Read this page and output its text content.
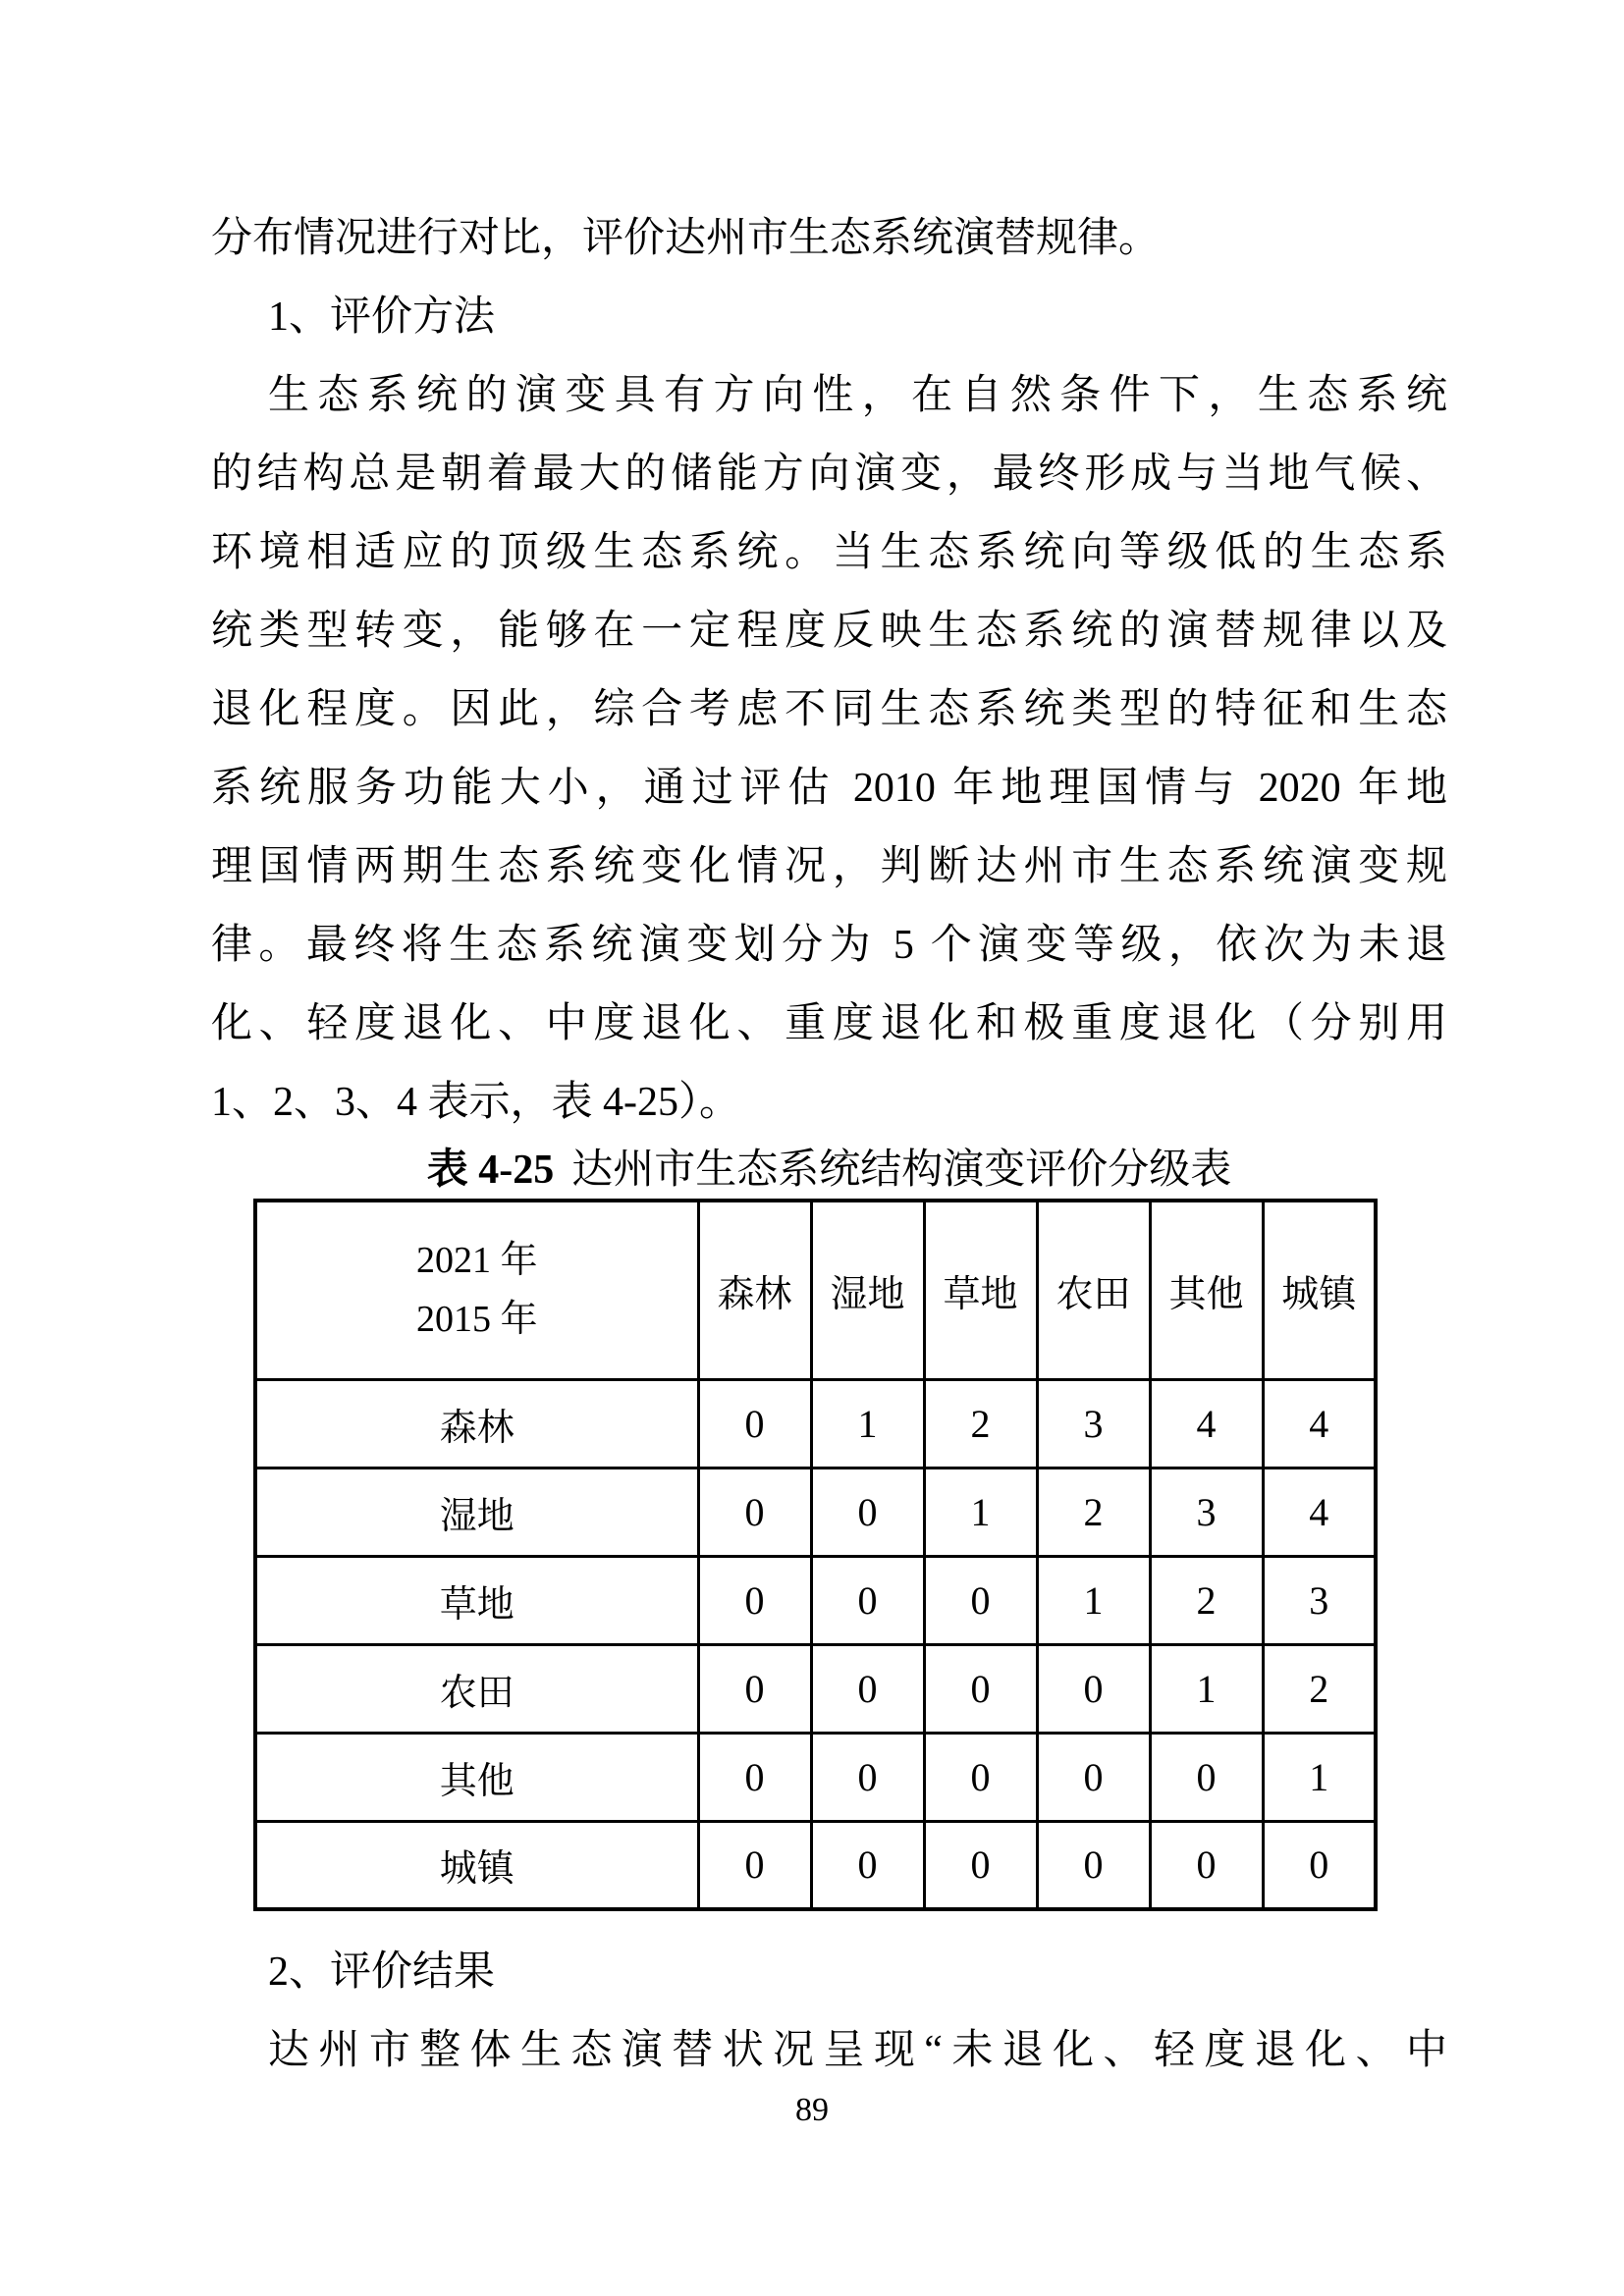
分布情况进行对比，评价达州市生态系统演替规律。
1、评价方法
生态系统的演变具有方向性，在自然条件下，生态系统
的结构总是朝着最大的储能方向演变，最终形成与当地气候、
环境相适应的顶级生态系统。当生态系统向等级低的生态系
统类型转变，能够在一定程度反映生态系统的演替规律以及
退化程度。因此，综合考虑不同生态系统类型的特征和生态
系统服务功能大小，通过评估 2010 年地理国情与 2020 年地
理国情两期生态系统变化情况，判断达州市生态系统演变规
律。最终将生态系统演变划分为 5 个演变等级，依次为未退
化、轻度退化、中度退化、重度退化和极重度退化（分别用
1、2、3、4 表示，表 4-25）。
表 4-25 达州市生态系统结构演变评价分级表
2021 年
2015 年	森林	湿地	草地	农田	其他	城镇
森林	0	1	2	3	4	4
湿地	0	0	1	2	3	4
草地	0	0	0	1	2	3
农田	0	0	0	0	1	2
其他	0	0	0	0	0	1
城镇	0	0	0	0	0	0
2、评价结果
达州市整体生态演替状况呈现“未退化、轻度退化、中
89
